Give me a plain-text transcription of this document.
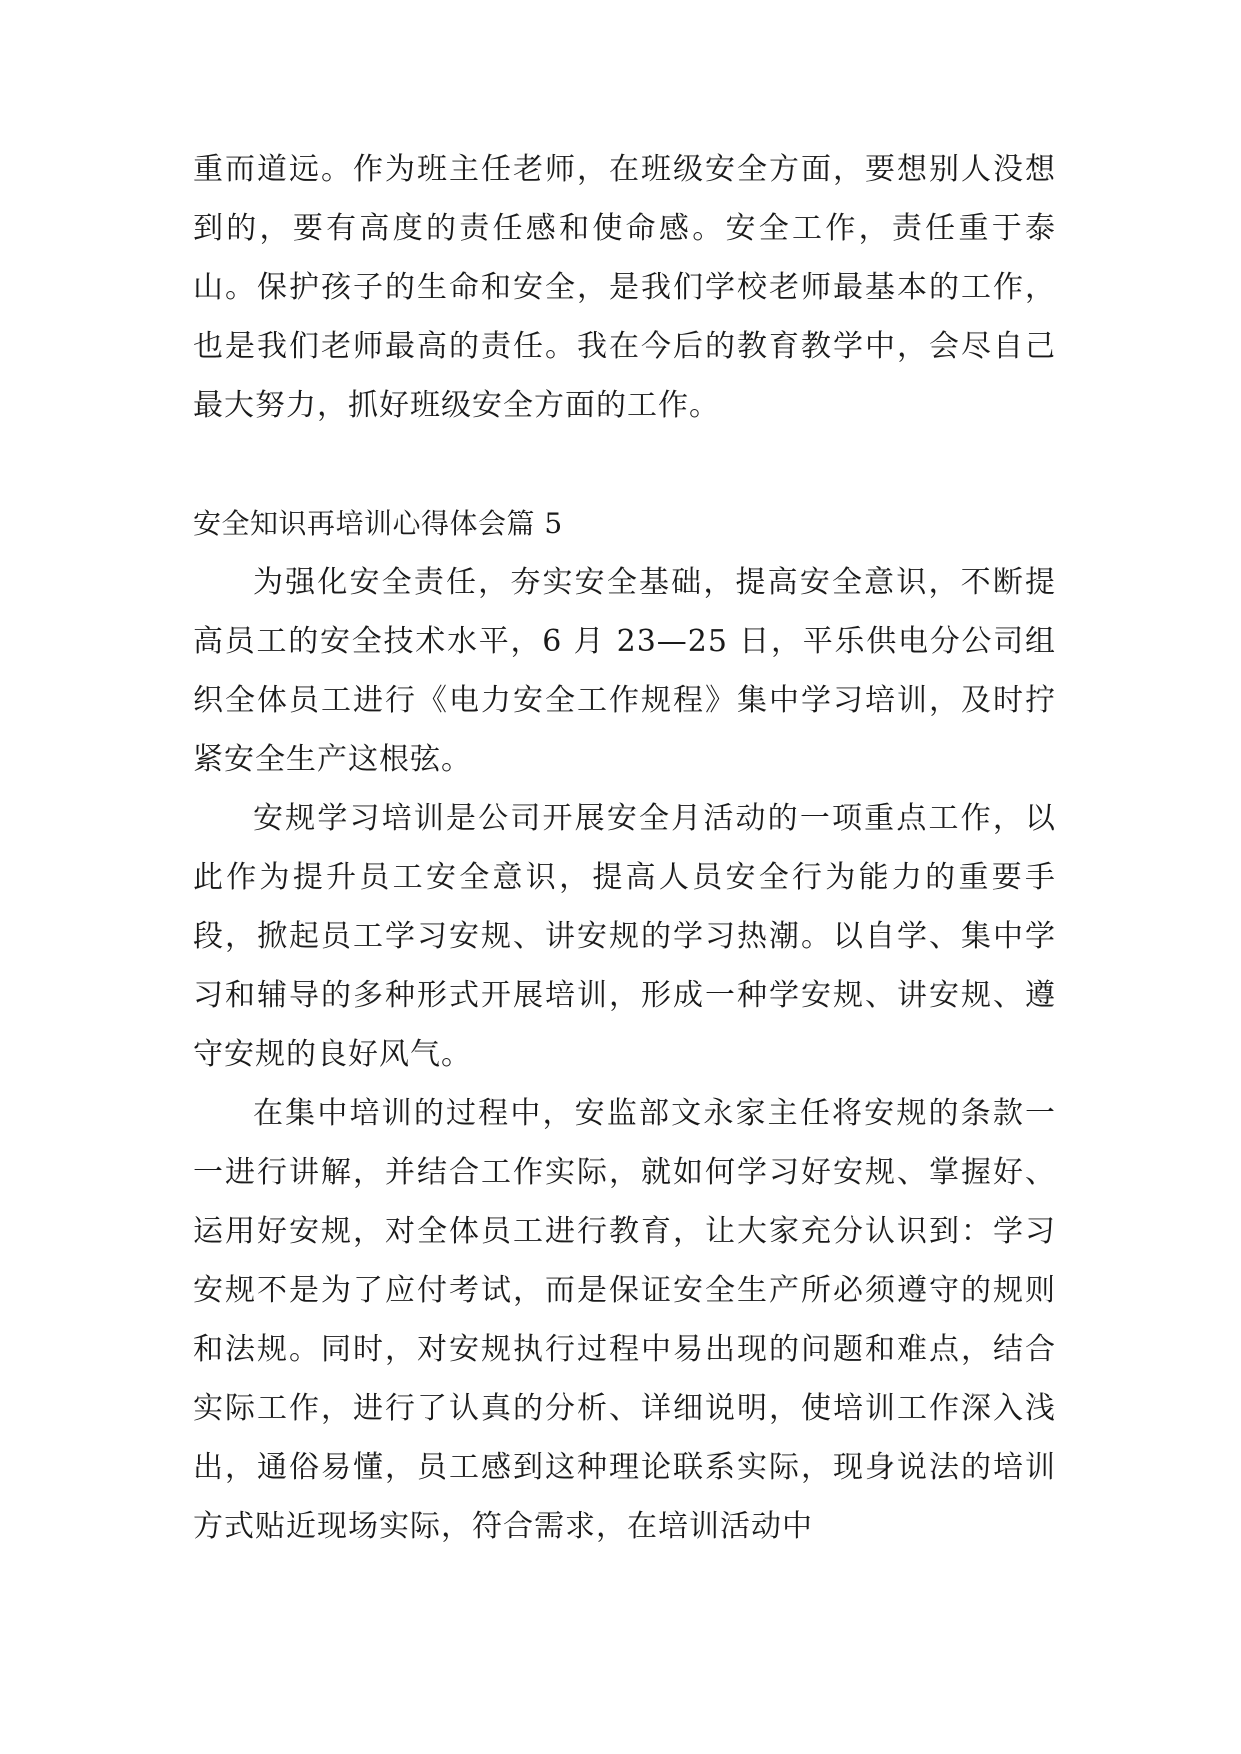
重而道远。作为班主任老师，在班级安全方面，要想别人没想到的，要有高度的责任感和使命感。安全工作，责任重于泰山。保护孩子的生命和安全，是我们学校老师最基本的工作，也是我们老师最高的责任。我在今后的教育教学中，会尽自己最大努力，抓好班级安全方面的工作。

安全知识再培训心得体会篇 5

为强化安全责任，夯实安全基础，提高安全意识，不断提高员工的安全技术水平，6 月 23—25 日，平乐供电分公司组织全体员工进行《电力安全工作规程》集中学习培训，及时拧紧安全生产这根弦。

安规学习培训是公司开展安全月活动的一项重点工作，以此作为提升员工安全意识，提高人员安全行为能力的重要手段，掀起员工学习安规、讲安规的学习热潮。以自学、集中学习和辅导的多种形式开展培训，形成一种学安规、讲安规、遵守安规的良好风气。

在集中培训的过程中，安监部文永家主任将安规的条款一一进行讲解，并结合工作实际，就如何学习好安规、掌握好、运用好安规，对全体员工进行教育，让大家充分认识到：学习安规不是为了应付考试，而是保证安全生产所必须遵守的规则和法规。同时，对安规执行过程中易出现的问题和难点，结合实际工作，进行了认真的分析、详细说明，使培训工作深入浅出，通俗易懂，员工感到这种理论联系实际，现身说法的培训方式贴近现场实际，符合需求，在培训活动中
